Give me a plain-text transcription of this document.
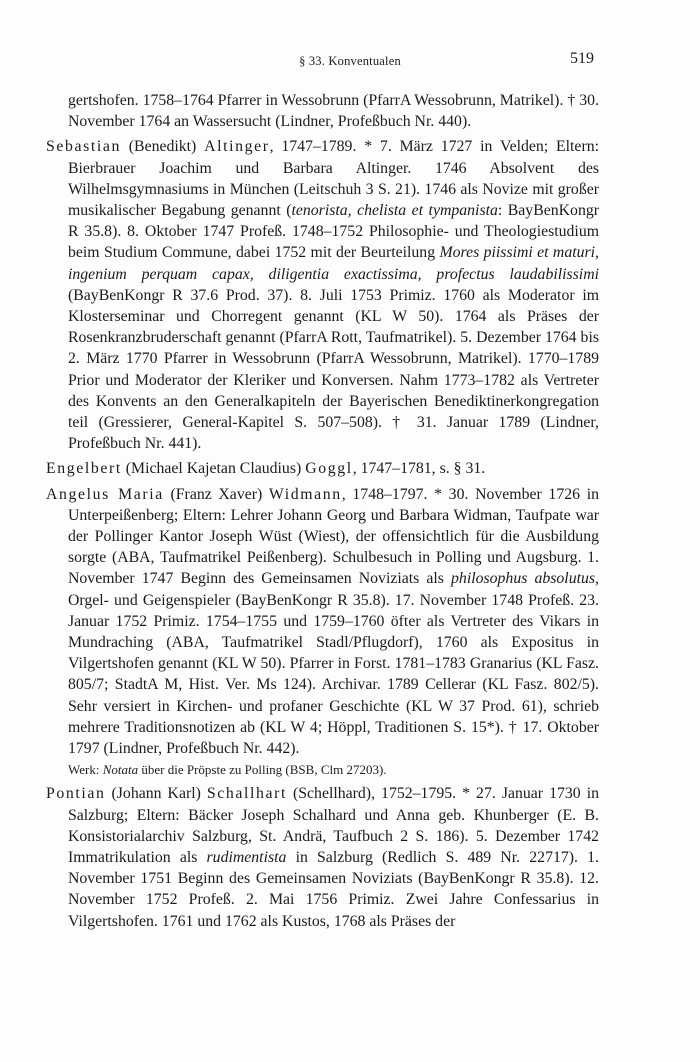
§ 33. Konventualen	519

gertshofen. 1758–1764 Pfarrer in Wessobrunn (PfarrA Wessobrunn, Matrikel). † 30. November 1764 an Wassersucht (Lindner, Profeßbuch Nr. 440).

Sebastian (Benedikt) Altinger, 1747–1789. * 7. März 1727 in Velden; Eltern: Bierbrauer Joachim und Barbara Altinger. 1746 Absolvent des Wilhelmsgymnasiums in München (Leitschuh 3 S. 21). 1746 als Novize mit großer musikalischer Begabung genannt (tenorista, chelista et tympanista: BayBenKongr R 35.8). 8. Oktober 1747 Profeß. 1748–1752 Philosophie- und Theologiestudium beim Studium Commune, dabei 1752 mit der Beurteilung Mores piissimi et maturi, ingenium perquam capax, diligentia exactissima, profectus laudabilissimi (BayBenKongr R 37.6 Prod. 37). 8. Juli 1753 Primiz. 1760 als Moderator im Klosterseminar und Chorregent genannt (KL W 50). 1764 als Präses der Rosenkranzbruderschaft genannt (PfarrA Rott, Taufmatrikel). 5. Dezember 1764 bis 2. März 1770 Pfarrer in Wessobrunn (PfarrA Wessobrunn, Matrikel). 1770–1789 Prior und Moderator der Kleriker und Konversen. Nahm 1773–1782 als Vertreter des Konvents an den Generalkapiteln der Bayerischen Benediktinerkongregation teil (Gressierer, General-Kapitel S. 507–508). † 31. Januar 1789 (Lindner, Profeßbuch Nr. 441).

Engelbert (Michael Kajetan Claudius) Goggl, 1747–1781, s. § 31.

Angelus Maria (Franz Xaver) Widmann, 1748–1797. * 30. November 1726 in Unterpeißenberg; Eltern: Lehrer Johann Georg und Barbara Widman, Taufpate war der Pollinger Kantor Joseph Wüst (Wiest), der offensichtlich für die Ausbildung sorgte (ABA, Taufmatrikel Peißenberg). Schulbesuch in Polling und Augsburg. 1. November 1747 Beginn des Gemeinsamen Noviziats als philosophus absolutus, Orgel- und Geigenspieler (BayBenKongr R 35.8). 17. November 1748 Profeß. 23. Januar 1752 Primiz. 1754–1755 und 1759–1760 öfter als Vertreter des Vikars in Mundraching (ABA, Taufmatrikel Stadl/Pflugdorf), 1760 als Expositus in Vilgertshofen genannt (KL W 50). Pfarrer in Forst. 1781–1783 Granarius (KL Fasz. 805/7; StadtA M, Hist. Ver. Ms 124). Archivar. 1789 Cellerar (KL Fasz. 802/5). Sehr versiert in Kirchen- und profaner Geschichte (KL W 37 Prod. 61), schrieb mehrere Traditionsnotizen ab (KL W 4; Höppl, Traditionen S. 15*). † 17. Oktober 1797 (Lindner, Profeßbuch Nr. 442).

Werk: Notata über die Pröpste zu Polling (BSB, Clm 27203).

Pontian (Johann Karl) Schallhart (Schellhard), 1752–1795. * 27. Januar 1730 in Salzburg; Eltern: Bäcker Joseph Schalhard und Anna geb. Khunberger (E. B. Konsistorialarchiv Salzburg, St. Andrä, Taufbuch 2 S. 186). 5. Dezember 1742 Immatrikulation als rudimentista in Salzburg (Redlich S. 489 Nr. 22717). 1. November 1751 Beginn des Gemeinsamen Noviziats (BayBenKongr R 35.8). 12. November 1752 Profeß. 2. Mai 1756 Primiz. Zwei Jahre Confessarius in Vilgertshofen. 1761 und 1762 als Kustos, 1768 als Präses der
